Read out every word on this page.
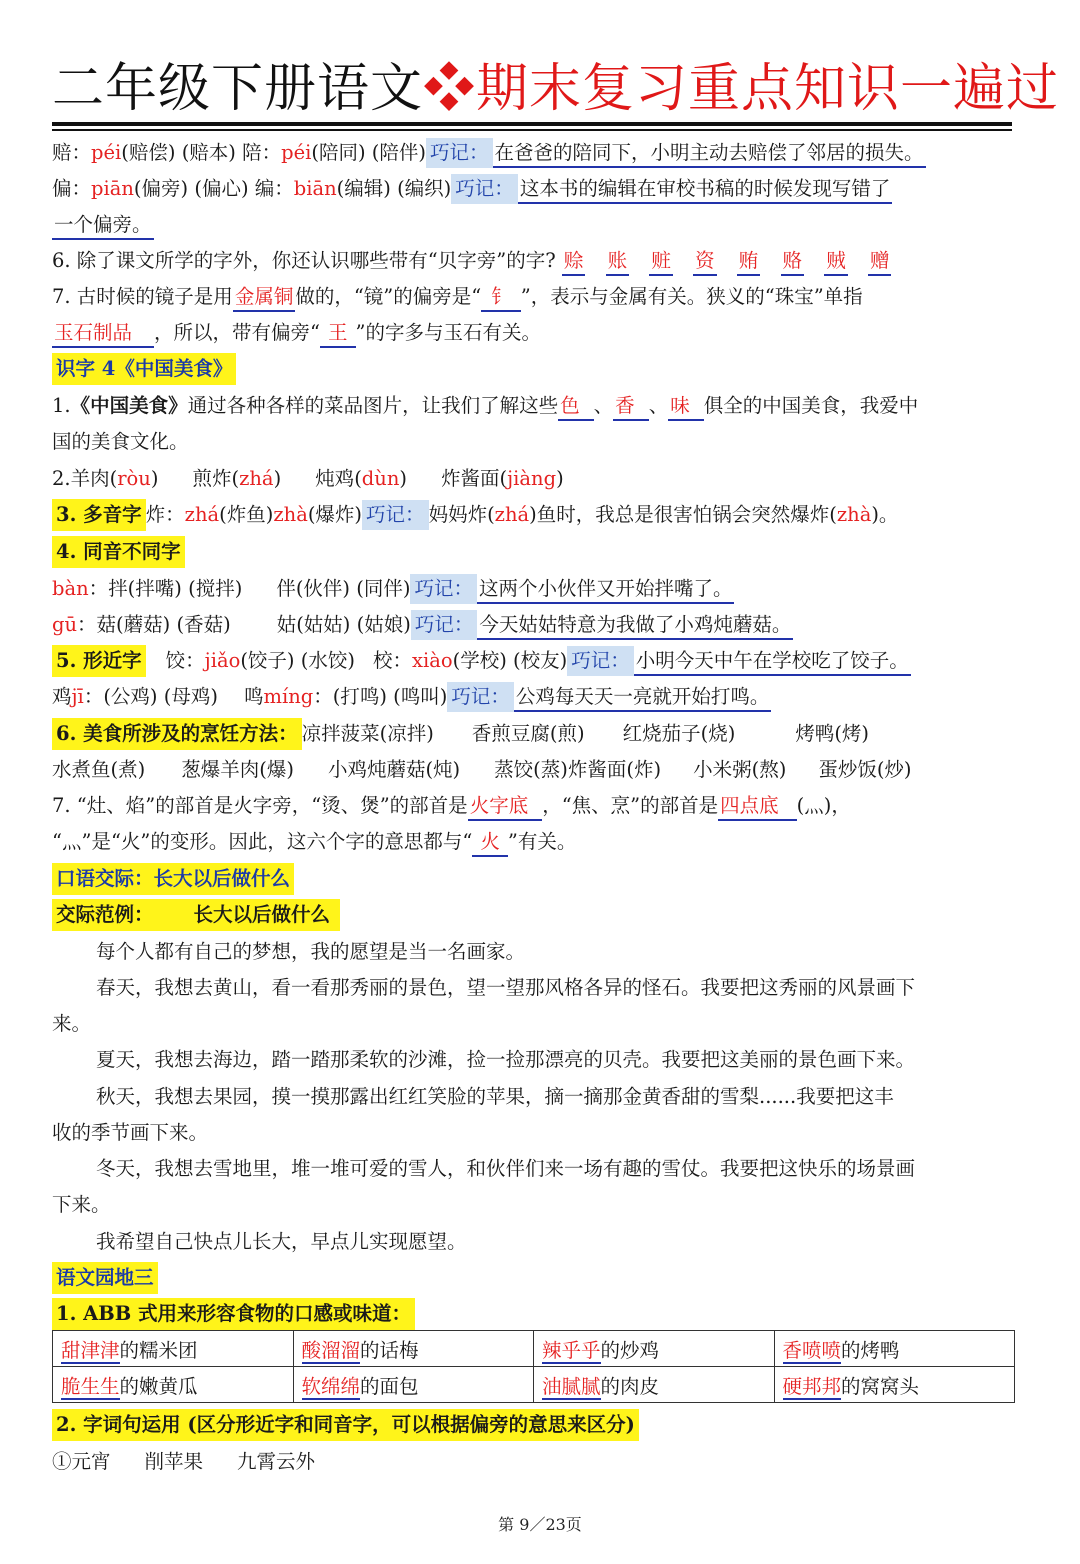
二年级下册语文❖期末复习重点知识一遍过
赔：péi(赔偿) (赔本) 陪：péi(陪同) (陪伴) 巧记： 在爸爸的陪同下，小明主动去赔偿了邻居的损失。
偏：piān(偏旁) (偏心) 编：biān(编辑) (编织) 巧记： 这本书的编辑在审校书稿的时候发现写错了
一个偏旁。
6. 除了课文所学的字外，你还认识哪些带有“贝字旁”的字? 赊 账 赃 资 贿 赂 贼 赠
7. 古时候的镜子是用 金属铜 做的，“镜”的偏旁是“ 钅 ”，表示与金属有关。狭义的“珠宝”单指
玉石制品 ，所以，带有偏旁“ 王 ”的字多与玉石有关。
识字 4《中国美食》
1.《中国美食》通过各种各样的菜品图片，让我们了解这些 色 、 香 、 味 俱全的中国美食，我爱中
国的美食文化。
2.羊肉(ròu) 煎炸(zhá) 炖鸡(dùn) 炸酱面(jiàng)
3. 多音字 炸：zhá(炸鱼)zhà(爆炸) 巧记： 妈妈炸(zhá)鱼时，我总是很害怕锅会突然爆炸(zhà)。
4. 同音不同字
bàn：拌(拌嘴) (搅拌) 伴(伙伴) (同伴) 巧记： 这两个小伙伴又开始拌嘴了。
gū：菇(蘑菇) (香菇) 姑(姑姑) (姑娘) 巧记： 今天姑姑特意为我做了小鸡炖蘑菇。
5. 形近字 饺：jiǎo(饺子) (水饺) 校：xiào(学校) (校友) 巧记： 小明今天中午在学校吃了饺子。
鸡jī：(公鸡) (母鸡) 鸣míng：(打鸣) (鸣叫) 巧记： 公鸡每天天一亮就开始打鸣。
6. 美食所涉及的烹饪方法： 凉拌菠菜(凉拌) 香煎豆腐(煎) 红烧茄子(烧)	烤鸭(烤)
水煮鱼(煮) 葱爆羊肉(爆) 小鸡炖蘑菇(炖) 蒸饺(蒸)炸酱面(炸) 小米粥(熬) 蛋炒饭(炒)
7. “灶、焰”的部首是火字旁，“烫、煲”的部首是 火字底 ，“焦、烹”的部首是 四点底 (灬)，
“灬”是“火”的变形。因此，这六个字的意思都与“ 火 ”有关。
口语交际：长大以后做什么
交际范例： 长大以后做什么
每个人都有自己的梦想，我的愿望是当一名画家。
春天，我想去黄山，看一看那秀丽的景色，望一望那风格各异的怪石。我要把这秀丽的风景画下
来。
夏天，我想去海边，踏一踏那柔软的沙滩，捡一捡那漂亮的贝壳。我要把这美丽的景色画下来。
秋天，我想去果园，摸一摸那露出红红笑脸的苹果，摘一摘那金黄香甜的雪梨......我要把这丰
收的季节画下来。
冬天，我想去雪地里，堆一堆可爱的雪人，和伙伴们来一场有趣的雪仗。我要把这快乐的场景画
下来。
我希望自己快点儿长大，早点儿实现愿望。
语文园地三
1. ABB 式用来形容食物的口感或味道：
甜津津的糯米团	酸溜溜的话梅	辣乎乎的炒鸡	香喷喷的烤鸭
脆生生的嫩黄瓜	软绵绵的面包	油腻腻的肉皮	硬邦邦的窝窝头
2. 字词句运用 (区分形近字和同音字，可以根据偏旁的意思来区分)
①元宵 削苹果 九霄云外
第 9／23页
